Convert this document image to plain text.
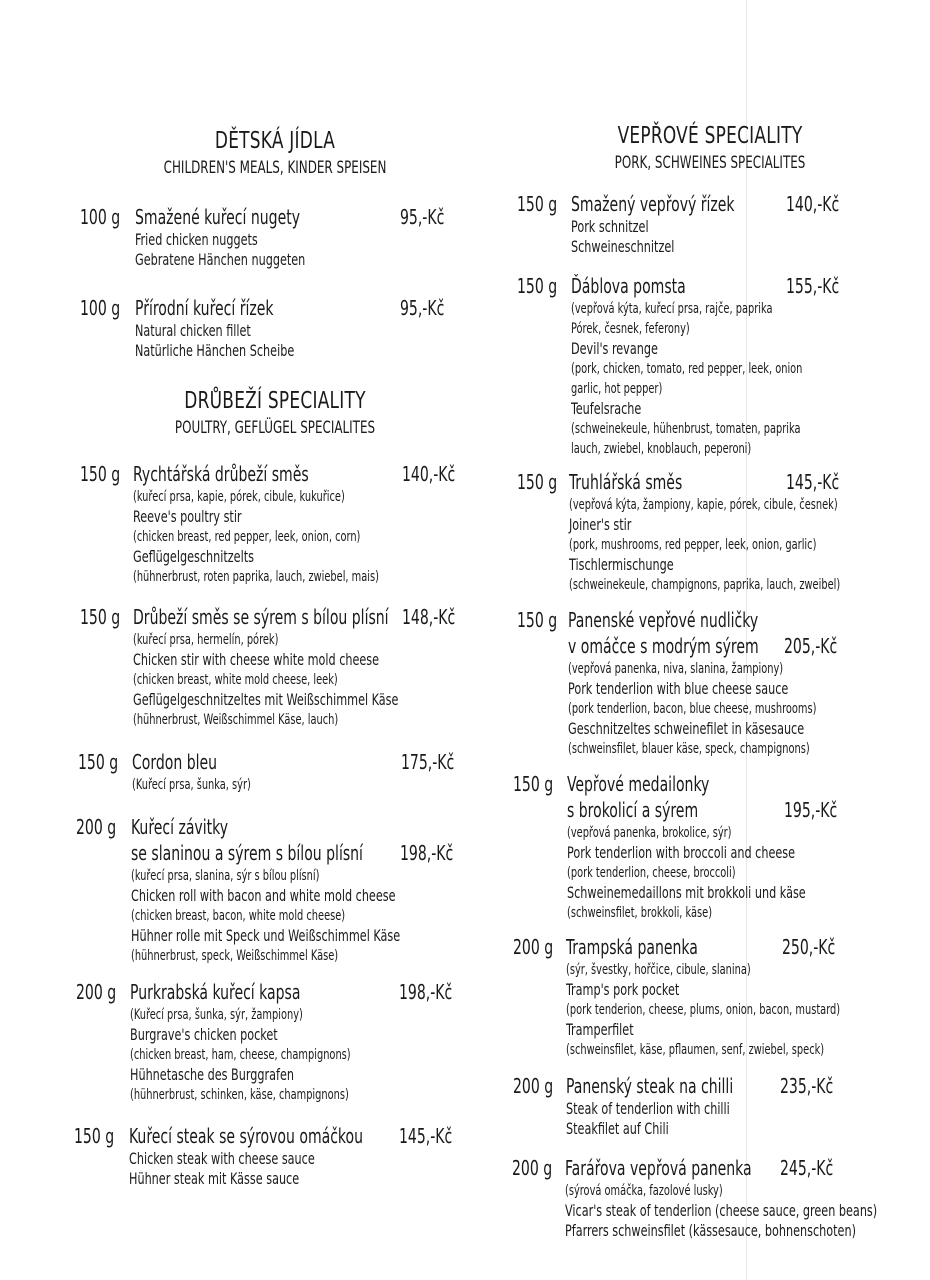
DĚTSKÁ JÍDLA
CHILDREN'S MEALS, KINDER SPEISEN
DRŮBEŽÍ SPECIALITY
POULTRY, GEFLÜGEL SPECIALITES
VEPŘOVÉ SPECIALITY
PORK, SCHWEINES SPECIALITES
100 g Smažené kuřecí nugety
Fried chicken nuggets
Gebratene Hänchen nuggeten
95,-Kč
100 g Přírodní kuřecí řízek
Natural chicken fillet
Natürliche Hänchen Scheibe
95,-Kč
150 g Rychtářská drůbeží směs
(kuřecí prsa, kapie, pórek, cibule, kukuřice)
Reeve's poultry stir
(chicken breast, red pepper, leek, onion, corn)
Geflügelgeschnitzelts
(hühnerbrust, roten paprika, lauch, zwiebel, mais)
140,-Kč
150 g Drůbeží směs se sýrem s bílou plísní
(kuřecí prsa, hermelín, pórek)
Chicken stir with cheese white mold cheese
(chicken breast, white mold cheese, leek)
Geflügelgeschnitzeltes mit Weißschimmel Käse
(hühnerbrust, Weißschimmel Käse, lauch)
148,-Kč
150 g Cordon bleu
(Kuřecí prsa, šunka, sýr)
175,-Kč
200 g Kuřecí závitky
se slaninou a sýrem s bílou plísní
(kuřecí prsa, slanina, sýr s bílou plísní)
Chicken roll with bacon and white mold cheese
(chicken breast, bacon, white mold cheese)
Hühner rolle mit Speck und Weißschimmel Käse
(hühnerbrust, speck, Weißschimmel Käse)
198,-Kč
200 g Purkrabská kuřecí kapsa
(Kuřecí prsa, šunka, sýr, žampiony)
Burgrave's chicken pocket
(chicken breast, ham, cheese, champignons)
Hühnetasche des Burggrafen
(hühnerbrust, schinken, käse, champignons)
198,-Kč
150 g Kuřecí steak se sýrovou omáčkou
Chicken steak with cheese sauce
Hühner steak mit Kässe sauce
145,-Kč
150 g Smažený vepřový řízek
Pork schnitzel
Schweineschnitzel
140,-Kč
150 g Ďáblova pomsta
(vepřová kýta, kuřecí prsa, rajče, paprika
Pórek, česnek, feferony)
Devil's revange
(pork, chicken, tomato, red pepper, leek, onion
garlic, hot pepper)
Teufelsrache
(schweinekeule, hühenbrust, tomaten, paprika
lauch, zwiebel, knoblauch, peperoni)
155,-Kč
150 g Truhlářská směs
(vepřová kýta, žampiony, kapie, pórek, cibule, česnek)
Joiner's stir
(pork, mushrooms, red pepper, leek, onion, garlic)
Tischlermischunge
(schweinekeule, champignons, paprika, lauch, zweibel)
145,-Kč
150 g Panenské vepřové nudličky
v omáčce s modrým sýrem
(vepřová panenka, niva, slanina, žampiony)
Pork tenderlion with blue cheese sauce
(pork tenderlion, bacon, blue cheese, mushrooms)
Geschnitzeltes schweinefilet in käsesauce
(schweinsfilet, blauer käse, speck, champignons)
205,-Kč
150 g Vepřové medailonky
s brokolicí a sýrem
(vepřová panenka, brokolice, sýr)
Pork tenderlion with broccoli and cheese
(pork tenderlion, cheese, broccoli)
Schweinemedaillons mit brokkoli und käse
(schweinsfilet, brokkoli, käse)
195,-Kč
200 g Trampská panenka
(sýr, švestky, hořčice, cibule, slanina)
Tramp's pork pocket
(pork tenderion, cheese, plums, onion, bacon, mustard)
Tramperfilet
(schweinsfilet, käse, pflaumen, senf, zwiebel, speck)
250,-Kč
200 g Panenský steak na chilli
Steak of tenderlion with chilli
Steakfilet auf Chili
235,-Kč
200 g Farářova vepřová panenka
(sýrová omáčka, fazolové lusky)
Vicar's steak of tenderlion (cheese sauce, green beans)
Pfarrers schweinsfilet (kässesauce, bohnenschoten)
245,-Kč
